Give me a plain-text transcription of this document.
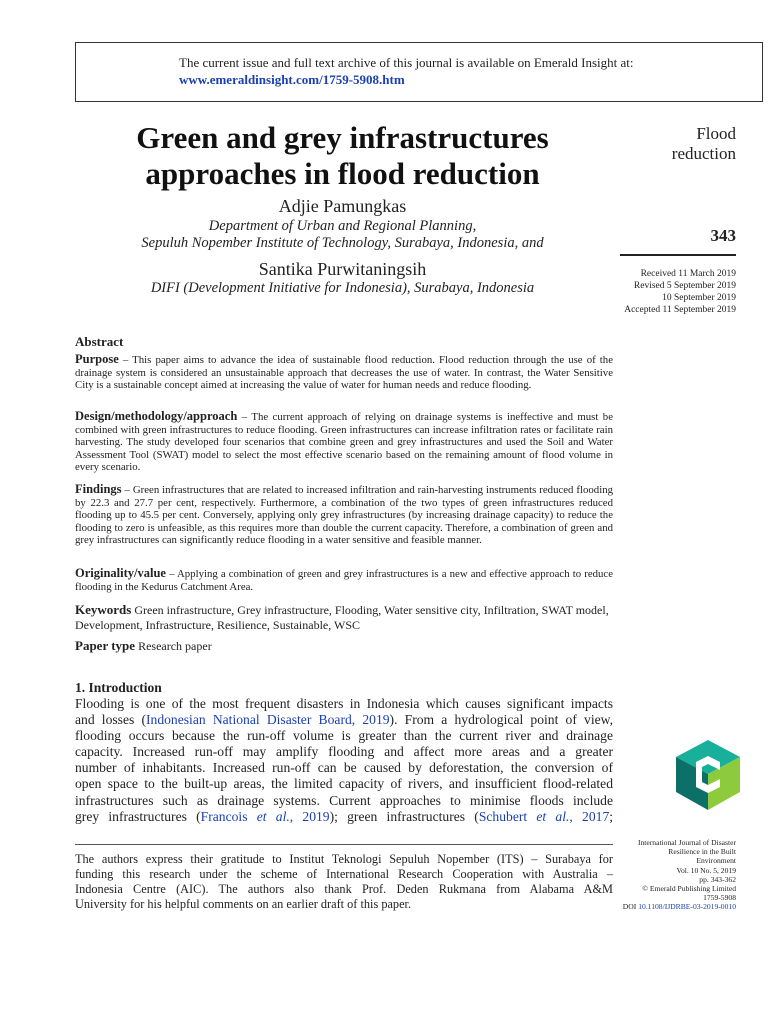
The current issue and full text archive of this journal is available on Emerald Insight at:
www.emeraldinsight.com/1759-5908.htm
Green and grey infrastructures
approaches in flood reduction
Adjie Pamungkas
Department of Urban and Regional Planning,
Sepuluh Nopember Institute of Technology, Surabaya, Indonesia, and
Santika Purwitaningsih
DIFI (Development Initiative for Indonesia), Surabaya, Indonesia
Flood
reduction
343
Received 11 March 2019
Revised 5 September 2019
10 September 2019
Accepted 11 September 2019
Abstract
Purpose – This paper aims to advance the idea of sustainable flood reduction. Flood reduction through the use of the drainage system is considered an unsustainable approach that decreases the use of water. In contrast, the Water Sensitive City is a sustainable concept aimed at increasing the value of water for human needs and reduce flooding.
Design/methodology/approach – The current approach of relying on drainage systems is ineffective and must be combined with green infrastructures to reduce flooding. Green infrastructures can increase infiltration rates or facilitate rain harvesting. The study developed four scenarios that combine green and grey infrastructures and used the Soil and Water Assessment Tool (SWAT) model to select the most effective scenario based on the remaining amount of flood volume in every scenario.
Findings – Green infrastructures that are related to increased infiltration and rain-harvesting instruments reduced flooding by 22.3 and 27.7 per cent, respectively. Furthermore, a combination of the two types of green infrastructures reduced flooding up to 45.5 per cent. Conversely, applying only grey infrastructures (by increasing drainage capacity) to reduce the flooding to zero is unfeasible, as this requires more than double the current capacity. Therefore, a combination of green and grey infrastructures can significantly reduce flooding in a water sensitive and feasible manner.
Originality/value – Applying a combination of green and grey infrastructures is a new and effective approach to reduce flooding in the Kedurus Catchment Area.
Keywords Green infrastructure, Grey infrastructure, Flooding, Water sensitive city, Infiltration, SWAT model, Development, Infrastructure, Resilience, Sustainable, WSC
Paper type Research paper
1. Introduction
Flooding is one of the most frequent disasters in Indonesia which causes significant impacts
and losses (Indonesian National Disaster Board, 2019). From a hydrological point of view,
flooding occurs because the run-off volume is greater than the current river and drainage
capacity. Increased run-off may amplify flooding and affect more areas and a greater
number of inhabitants. Increased run-off can be caused by deforestation, the conversion of
open space to the built-up areas, the limited capacity of rivers, and insufficient flood-related
infrastructures such as drainage systems. Current approaches to minimise floods include
grey infrastructures (Francois et al., 2019); green infrastructures (Schubert et al., 2017;
The authors express their gratitude to Institut Teknologi Sepuluh Nopember (ITS) – Surabaya for
funding this research under the scheme of International Research Cooperation with Australia –
Indonesia Centre (AIC). The authors also thank Prof. Deden Rukmana from Alabama A&M
University for his helpful comments on an earlier draft of this paper.
International Journal of Disaster
Resilience in the Built
Environment
Vol. 10 No. 5, 2019
pp. 343-362
© Emerald Publishing Limited
1759-5908
DOI 10.1108/IJDRBE-03-2019-0010
